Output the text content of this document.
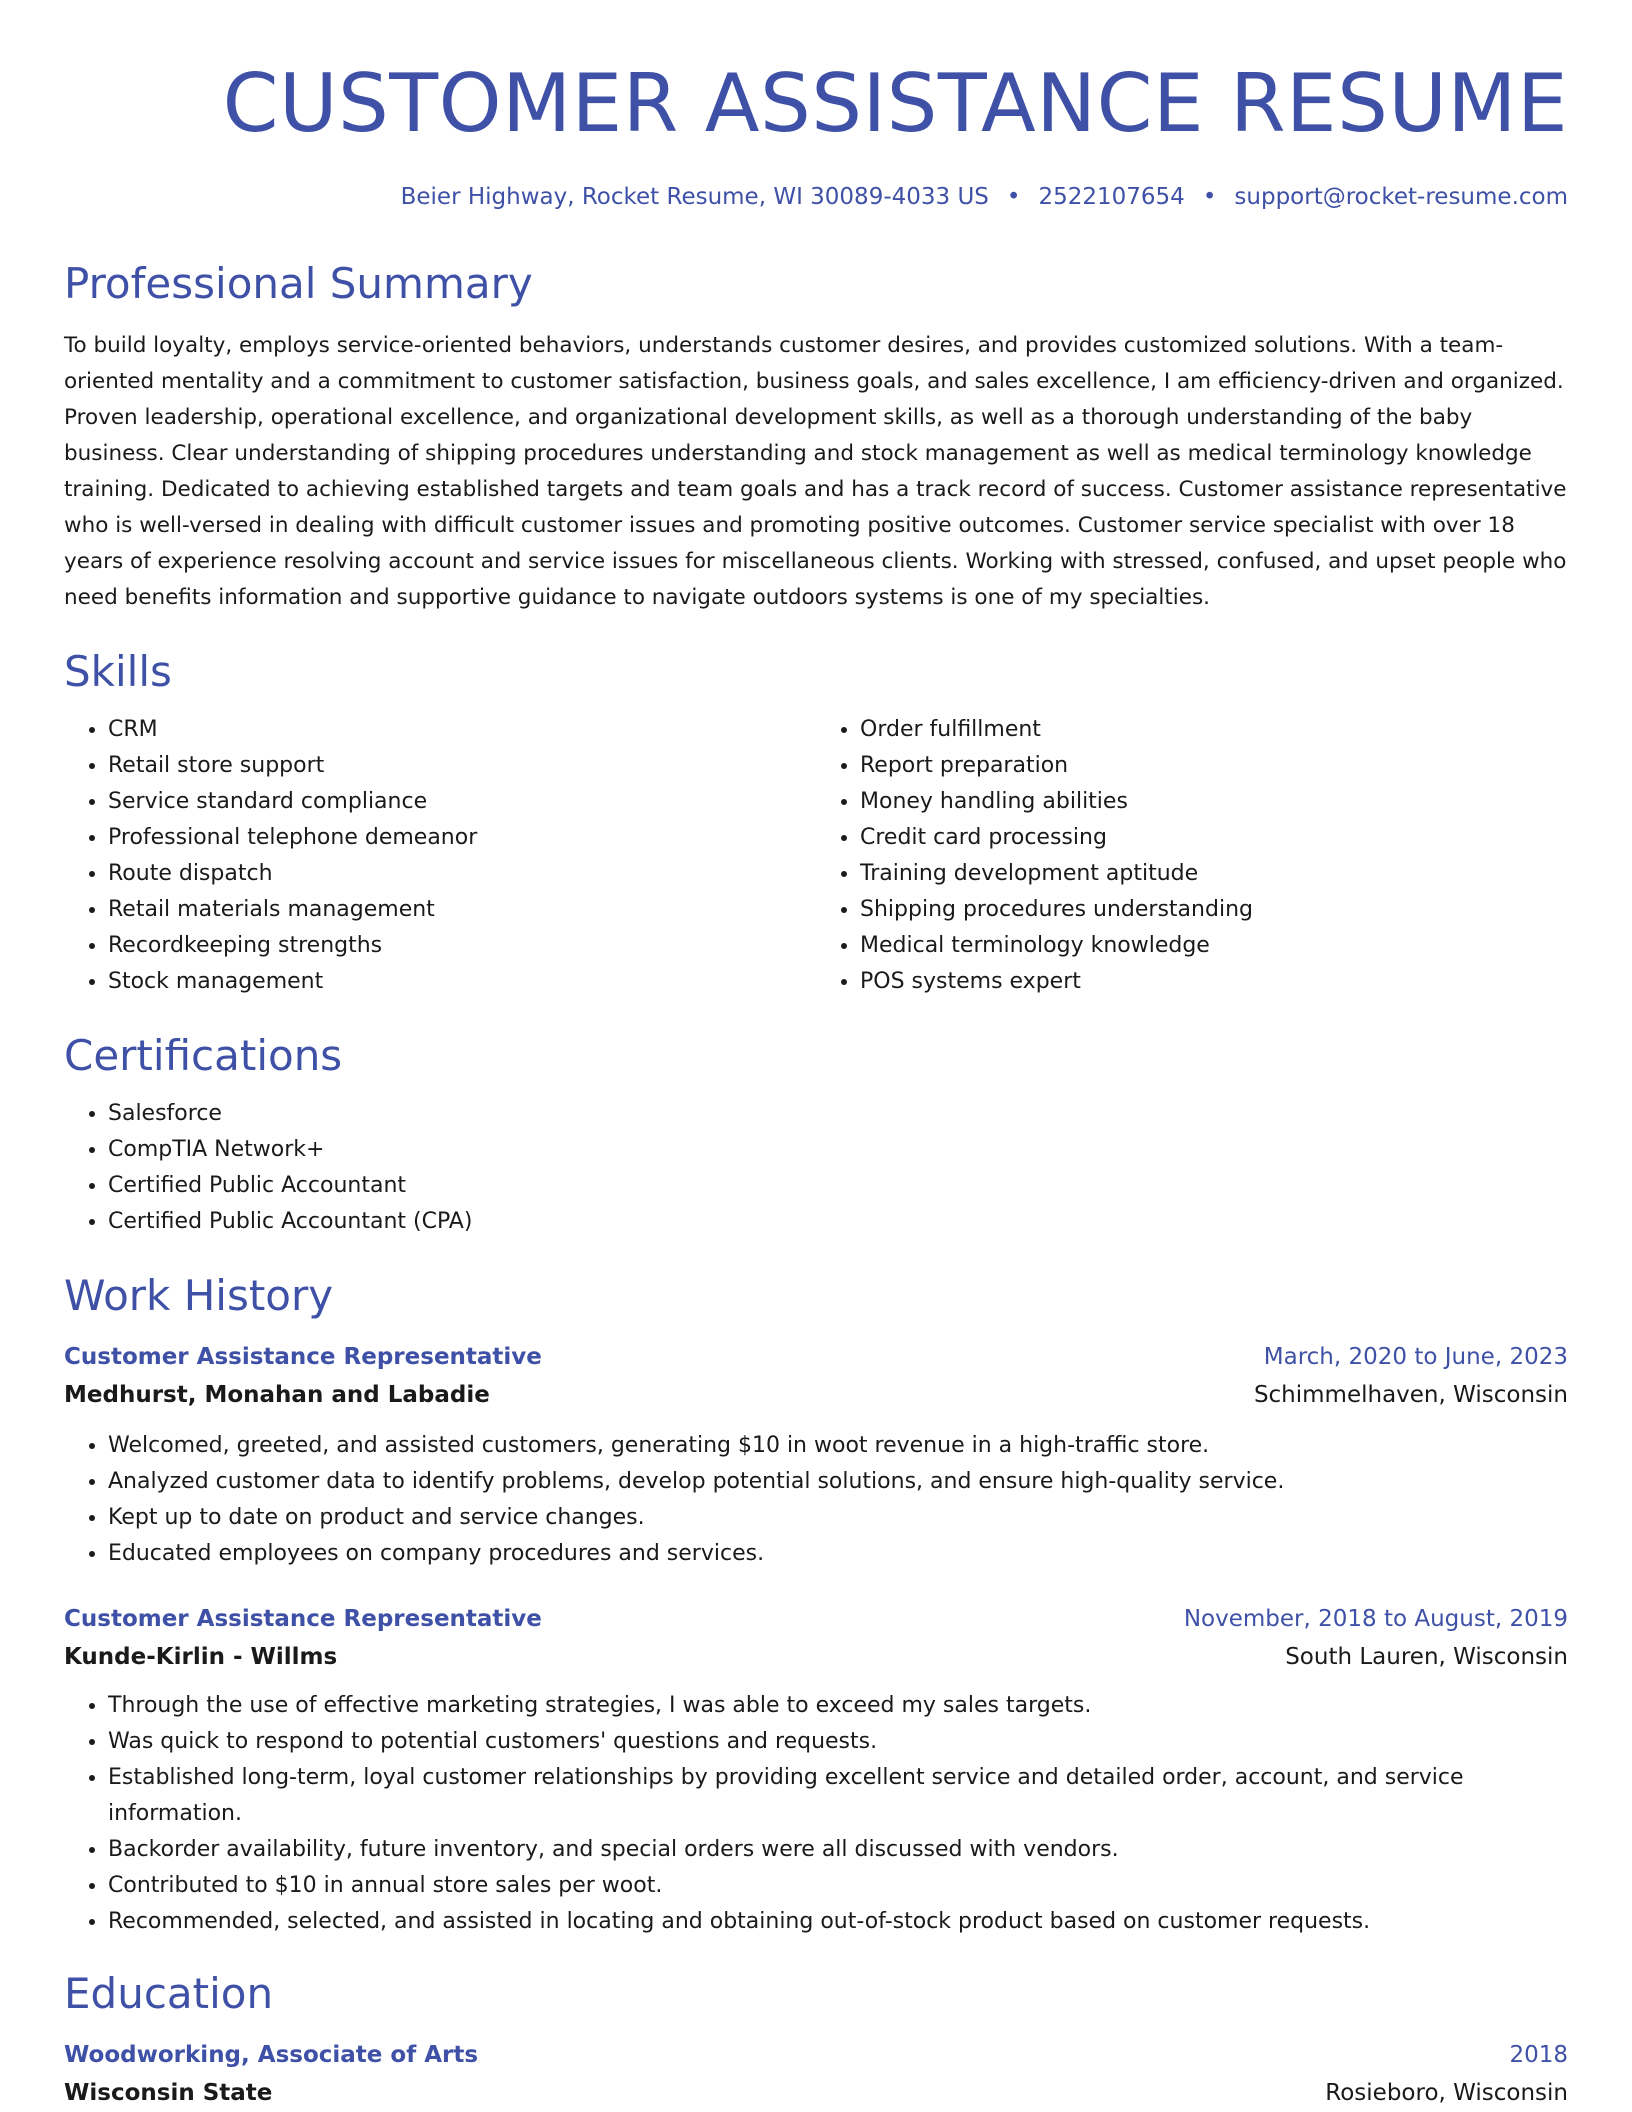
CUSTOMER ASSISTANCE RESUME
Beier Highway, Rocket Resume, WI 30089-4033 US • 2522107654 • support@rocket-resume.com
Professional Summary

To build loyalty, employs service-oriented behaviors, understands customer desires, and provides customized solutions. With a team-oriented mentality and a commitment to customer satisfaction, business goals, and sales excellence, I am efficiency-driven and organized. Proven leadership, operational excellence, and organizational development skills, as well as a thorough understanding of the baby business. Clear understanding of shipping procedures understanding and stock management as well as medical terminology knowledge training. Dedicated to achieving established targets and team goals and has a track record of success. Customer assistance representative who is well-versed in dealing with difficult customer issues and promoting positive outcomes. Customer service specialist with over 18 years of experience resolving account and service issues for miscellaneous clients. Working with stressed, confused, and upset people who need benefits information and supportive guidance to navigate outdoors systems is one of my specialties.

Skills
• CRM
• Retail store support
• Service standard compliance
• Professional telephone demeanor
• Route dispatch
• Retail materials management
• Recordkeeping strengths
• Stock management
• Order fulfillment
• Report preparation
• Money handling abilities
• Credit card processing
• Training development aptitude
• Shipping procedures understanding
• Medical terminology knowledge
• POS systems expert
Certifications
• Salesforce
• CompTIA Network+
• Certified Public Accountant
• Certified Public Accountant (CPA)
Work History
Customer Assistance Representative	March, 2020 to June, 2023
Medhurst, Monahan and Labadie	Schimmelhaven, Wisconsin
• Welcomed, greeted, and assisted customers, generating $10 in woot revenue in a high-traffic store.
• Analyzed customer data to identify problems, develop potential solutions, and ensure high-quality service.
• Kept up to date on product and service changes.
• Educated employees on company procedures and services.
Customer Assistance Representative	November, 2018 to August, 2019
Kunde-Kirlin - Willms	South Lauren, Wisconsin
• Through the use of effective marketing strategies, I was able to exceed my sales targets.
• Was quick to respond to potential customers' questions and requests.
• Established long-term, loyal customer relationships by providing excellent service and detailed order, account, and service information.
• Backorder availability, future inventory, and special orders were all discussed with vendors.
• Contributed to $10 in annual store sales per woot.
• Recommended, selected, and assisted in locating and obtaining out-of-stock product based on customer requests.
Education
Woodworking, Associate of Arts	2018
Wisconsin State	Rosieboro, Wisconsin
